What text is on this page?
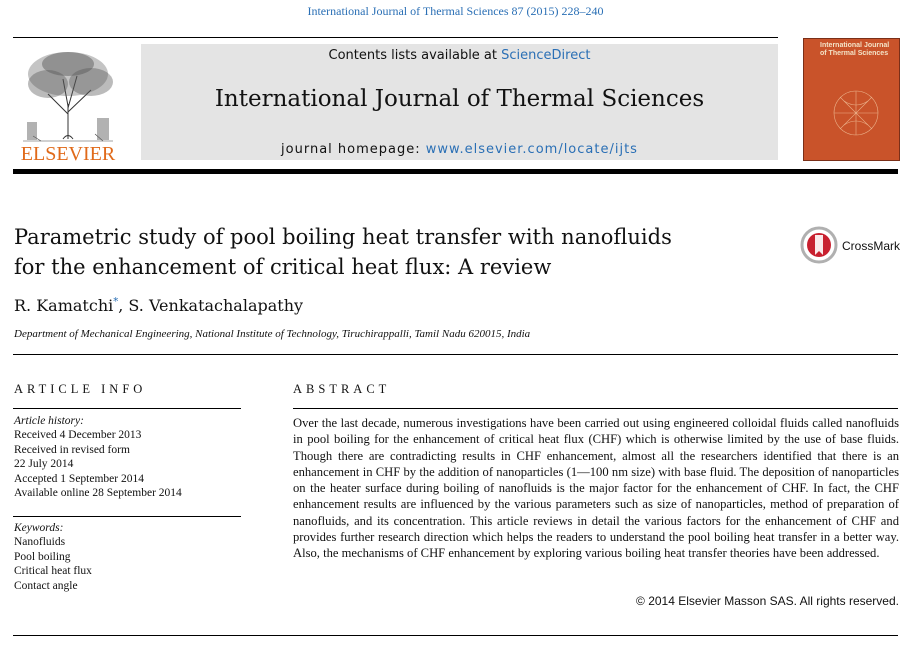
International Journal of Thermal Sciences 87 (2015) 228–240
ELSEVIER
Contents lists available at ScienceDirect
International Journal of Thermal Sciences
journal homepage: www.elsevier.com/locate/ijts
International Journal of Thermal Sciences
Parametric study of pool boiling heat transfer with nanofluids
for the enhancement of critical heat flux: A review
CrossMark
R. Kamatchi*, S. Venkatachalapathy
Department of Mechanical Engineering, National Institute of Technology, Tiruchirappalli, Tamil Nadu 620015, India
ARTICLE INFO
Article history:
Received 4 December 2013
Received in revised form
22 July 2014
Accepted 1 September 2014
Available online 28 September 2014
Keywords:
Nanofluids
Pool boiling
Critical heat flux
Contact angle
ABSTRACT
Over the last decade, numerous investigations have been carried out using engineered colloidal fluids called nanofluids in pool boiling for the enhancement of critical heat flux (CHF) which is otherwise limited by the use of base fluids. Though there are contradicting results in CHF enhancement, almost all the researchers identified that there is an enhancement in CHF by the addition of nanoparticles (1—100 nm size) with base fluid. The deposition of nanoparticles on the heater surface during boiling of nanofluids is the major factor for the enhancement of CHF. In fact, the CHF enhancement results are influenced by the various parameters such as size of nanoparticles, method of preparation of nanofluids, and its concentration. This article reviews in detail the various factors for the enhancement of CHF and provides further research direction which helps the readers to understand the pool boiling heat transfer in a better way. Also, the mechanisms of CHF enhancement by exploring various boiling heat transfer theories have been addressed.
© 2014 Elsevier Masson SAS. All rights reserved.
